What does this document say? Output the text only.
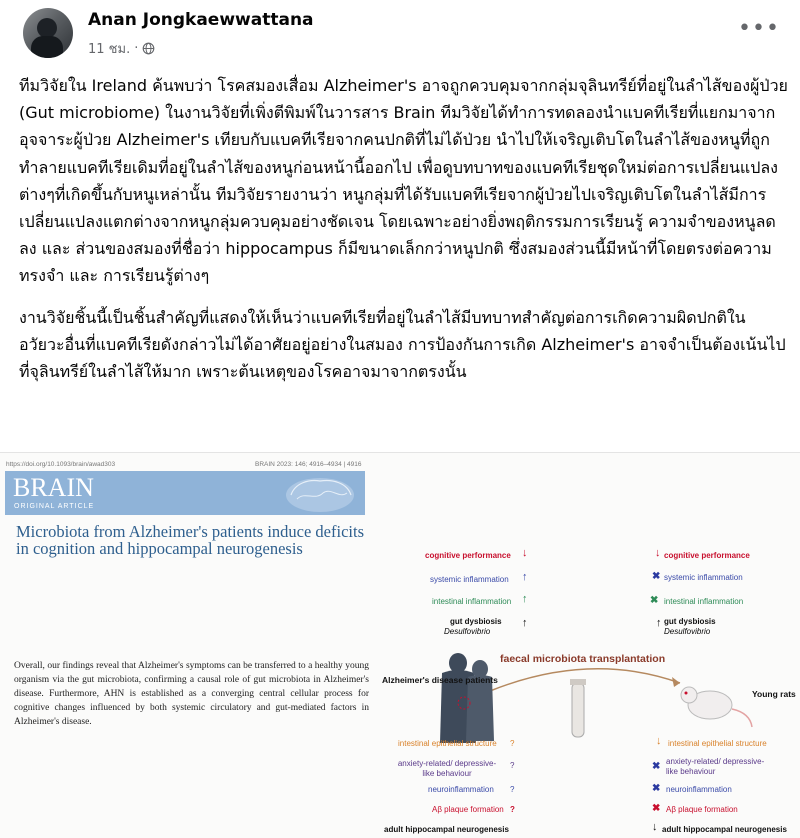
Anan Jongkaewwattana
11 ชม. ·
•••

ทีมวิจัยใน Ireland ค้นพบว่า โรคสมองเสื่อม Alzheimer's อาจถูกควบคุมจากกลุ่มจุลินทรีย์ที่อยู่ในลำไส้ของผู้ป่วย (Gut microbiome) ในงานวิจัยที่เพิ่งตีพิมพ์ในวารสาร Brain ทีมวิจัยได้ทำการทดลองนำแบคทีเรียที่แยกมาจากอุจจาระผู้ป่วย Alzheimer's เทียบกับแบคทีเรียจากคนปกติที่ไม่ได้ป่วย นำไปให้เจริญเติบโตในลำไส้ของหนูที่ถูกทำลายแบคทีเรียเดิมที่อยู่ในลำไส้ของหนูก่อนหน้านี้ออกไป เพื่อดูบทบาทของแบคทีเรียชุดใหม่ต่อการเปลี่ยนแปลงต่างๆที่เกิดขึ้นกับหนูเหล่านั้น ทีมวิจัยรายงานว่า หนูกลุ่มที่ได้รับแบคทีเรียจากผู้ป่วยไปเจริญเติบโตในลำไส้มีการเปลี่ยนแปลงแตกต่างจากหนูกลุ่มควบคุมอย่างชัดเจน โดยเฉพาะอย่างยิ่งพฤติกรรมการเรียนรู้ ความจำของหนูลดลง และ ส่วนของสมองที่ชื่อว่า hippocampus ก็มีขนาดเล็กกว่าหนูปกติ ซึ่งสมองส่วนนี้มีหน้าที่โดยตรงต่อความทรงจำ และ การเรียนรู้ต่างๆ

งานวิจัยชิ้นนี้เป็นชิ้นสำคัญที่แสดงให้เห็นว่าแบคทีเรียที่อยู่ในลำไส้มีบทบาทสำคัญต่อการเกิดความผิดปกติในอวัยวะอื่นที่แบคทีเรียดังกล่าวไม่ได้อาศัยอยู่อย่างในสมอง การป้องกันการเกิด Alzheimer's อาจจำเป็นต้องเน้นไปที่จุลินทรีย์ในลำไส้ให้มาก เพราะต้นเหตุของโรคอาจมาจากตรงนั้น

https://doi.org/10.1093/brain/awad303	BRAIN 2023: 146; 4916–4934 | 4916
BRAIN
ORIGINAL ARTICLE
Microbiota from Alzheimer's patients induce deficits in cognition and hippocampal neurogenesis
Overall, our findings reveal that Alzheimer's symptoms can be transferred to a healthy young organism via the gut microbiota, confirming a causal role of gut microbiota in Alzheimer's disease. Furthermore, AHN is established as a converging central cellular process for cognitive changes influenced by both systemic circulatory and gut-mediated factors in Alzheimer's disease.
cognitive performance ↓
systemic inflammation ↑
intestinal inflammation ↑
gut dysbiosis
Desulfovibrio
↑
↓ cognitive performance
✖ systemic inflammation
✖ intestinal inflammation
↑ gut dysbiosis
Desulfovibrio
faecal microbiota transplantation
Alzheimer's disease patients
Young rats
intestinal epithelial structure ?
anxiety-related/ depressive-like behaviour
?
neuroinflammation ?
Aβ plaque formation ?
adult hippocampal neurogenesis
↓ intestinal epithelial structure
✖ anxiety-related/ depressive-like behaviour
✖ neuroinflammation
✖ Aβ plaque formation
↓ adult hippocampal neurogenesis
